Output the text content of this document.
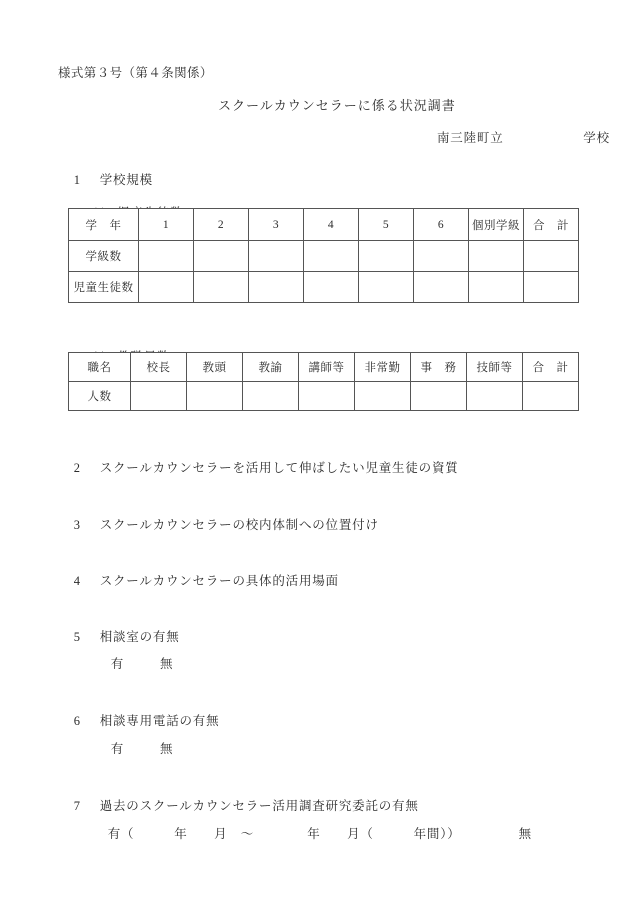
様式第３号（第４条関係）
スクールカウンセラーに係る状況調書
南三陸町立　　　　　　学校

1 学校規模

学　年	1	2	3	4	5	6	個別学級	合　計
学級数								
児童生徒数								

職名	校長	教頭	教諭	講師等	非常勤	事　務	技師等	合　計
人数								

2 スクールカウンセラーを活用して伸ばしたい児童生徒の資質

3 スクールカウンセラーの校内体制への位置付け

4 スクールカウンセラーの具体的活用場面

5 相談室の有無

有	無

6 相談専用電話の有無

有	無

7 過去のスクールカウンセラー活用調査研究委託の有無

有（　　　年　　月　〜　　　　年　　月（　　　年間））	無
